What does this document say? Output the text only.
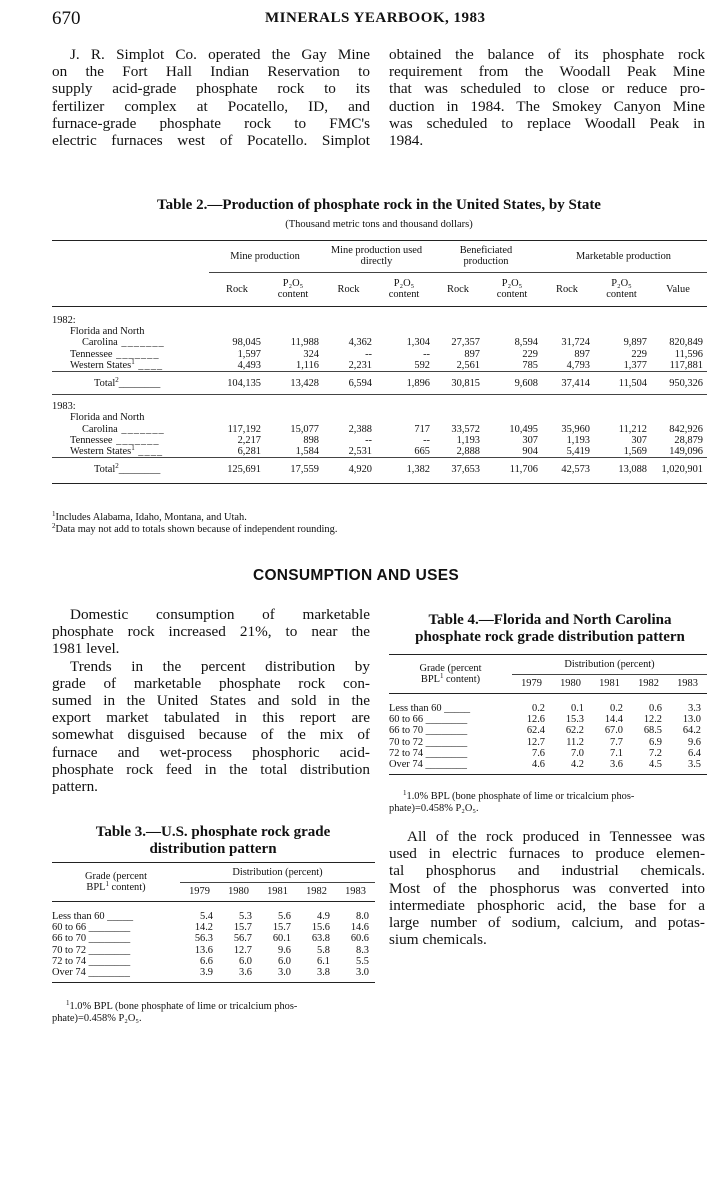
670	MINERALS YEARBOOK, 1983
J. R. Simplot Co. operated the Gay Mine
on the Fort Hall Indian Reservation to
supply acid-grade phosphate rock to its
fertilizer complex at Pocatello, ID, and
furnace-grade phosphate rock to FMC's
electric furnaces west of Pocatello. Simplot
obtained the balance of its phosphate rock
requirement from the Woodall Peak Mine
that was scheduled to close or reduce pro-
duction in 1984. The Smokey Canyon Mine
was scheduled to replace Woodall Peak in
1984.
Table 2.—Production of phosphate rock in the United States, by State
(Thousand metric tons and thousand dollars)
	Mine production		Mine production used directly		Beneficiated production		Marketable production		
	Rock	P₂O₅ content	Rock	P₂O₅ content	Rock	P₂O₅ content	Rock	P₂O₅ content	Value
1982:									
Florida and North									
Carolina _______	98,045	11,988	4,362	1,304	27,357	8,594	31,724	9,897	820,849
Tennessee _______	1,597	324	--	--	897	229	897	229	11,596
Western States$^1$ ____	4,493	1,116	2,231	592	2,561	785	4,793	1,377	117,881
Total$^2$________	104,135	13,428	6,594	1,896	30,815	9,608	37,414	11,504	950,326

1983:									
Florida and North									
Carolina _______	117,192	15,077	2,388	717	33,572	10,495	35,960	11,212	842,926
Tennessee _______	2,217	898	--	--	1,193	307	1,193	307	28,879
Western States$^1$ ____	6,281	1,584	2,531	665	2,888	904	5,419	1,569	149,096
Total$^2$________	125,691	17,559	4,920	1,382	37,653	11,706	42,573	13,088	1,020,901
$^1$Includes Alabama, Idaho, Montana, and Utah.
$^2$Data may not add to totals shown because of independent rounding.
CONSUMPTION AND USES
Domestic consumption of marketable
phosphate rock increased 21%, to near the
1981 level.
Trends in the percent distribution by
grade of marketable phosphate rock con-
sumed in the United States and sold in the
export market tabulated in this report are
somewhat disguised because of the mix of
furnace and wet-process phosphoric acid-
phosphate rock feed in the total distribution
pattern.
Table 3.—U.S. phosphate rock grade
distribution pattern
Grade (percent
BPL$^1$ content)	Distribution (percent)				
	1979	1980	1981	1982	1983
Less than 60 _____	5.4	5.3	5.6	4.9	8.0
60 to 66 ________	14.2	15.7	15.7	15.6	14.6
66 to 70 ________	56.3	56.7	60.1	63.8	60.6
70 to 72 ________	13.6	12.7	9.6	5.8	8.3
72 to 74 ________	6.6	6.0	6.0	6.1	5.5
Over 74 ________	3.9	3.6	3.0	3.8	3.0
$^1$1.0% BPL (bone phosphate of lime or tricalcium phos-
phate)=0.458% P₂O₅.
Table 4.—Florida and North Carolina
phosphate rock grade distribution pattern
Grade (percent
BPL$^1$ content)	Distribution (percent)				
	1979	1980	1981	1982	1983
Less than 60 _____	0.2	0.1	0.2	0.6	3.3
60 to 66 ________	12.6	15.3	14.4	12.2	13.0
66 to 70 ________	62.4	62.2	67.0	68.5	64.2
70 to 72 ________	12.7	11.2	7.7	6.9	9.6
72 to 74 ________	7.6	7.0	7.1	7.2	6.4
Over 74 ________	4.6	4.2	3.6	4.5	3.5
$^1$1.0% BPL (bone phosphate of lime or tricalcium phos-
phate)=0.458% P₂O₅.
All of the rock produced in Tennessee was
used in electric furnaces to produce elemen-
tal phosphorus and industrial chemicals.
Most of the phosphorus was converted into
intermediate phosphoric acid, the base for a
large number of sodium, calcium, and potas-
sium chemicals.
